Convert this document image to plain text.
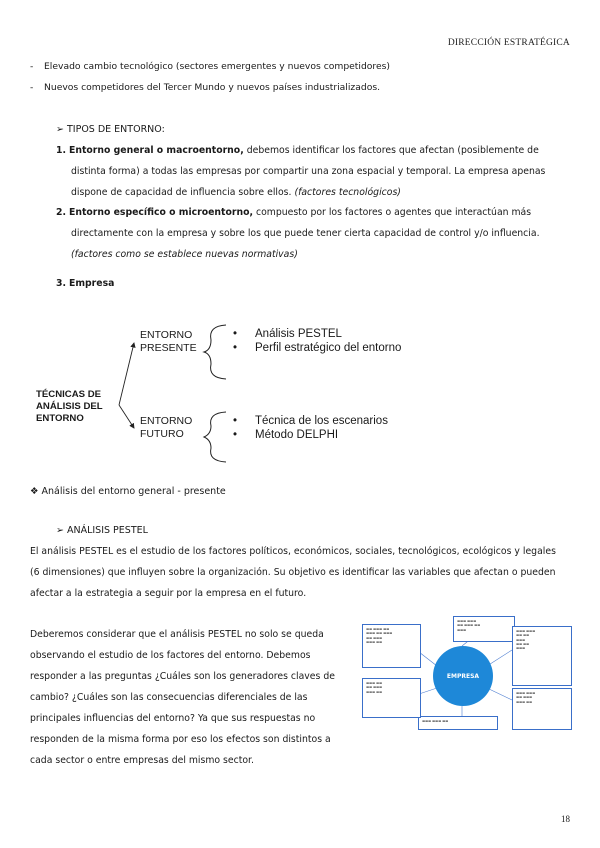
DIRECCIÓN ESTRATÉGICA
- Elevado cambio tecnológico (sectores emergentes y nuevos competidores)
- Nuevos competidores del Tercer Mundo y nuevos países industrializados.
➢ TIPOS DE ENTORNO:
1. Entorno general o macroentorno, debemos identificar los factores que afectan (posiblemente de
distinta forma) a todas las empresas por compartir una zona espacial y temporal. La empresa apenas
dispone de capacidad de influencia sobre ellos. (factores tecnológicos)
2. Entorno específico o microentorno, compuesto por los factores o agentes que interactúan más
directamente con la empresa y sobre los que puede tener cierta capacidad de control y/o influencia.
(factores como se establece nuevas normativas)
3. Empresa
TÉCNICAS DE
ANÁLISIS DEL
ENTORNO
ENTORNO
PRESENTE
• Análisis PESTEL
• Perfil estratégico del entorno
ENTORNO
FUTURO
• Técnica de los escenarios
• Método DELPHI
❖ Análisis del entorno general - presente
➢ ANÁLISIS PESTEL
El análisis PESTEL es el estudio de los factores políticos, económicos, sociales, tecnológicos, ecológicos y legales
(6 dimensiones) que influyen sobre la organización. Su objetivo es identificar las variables que afectan o pueden
afectar a la estrategia a seguir por la empresa en el futuro.
Deberemos considerar que el análisis PESTEL no solo se queda
observando el estudio de los factores del entorno. Debemos
responder a las preguntas ¿Cuáles son los generadores claves de
cambio? ¿Cuáles son las consecuencias diferenciales de las
principales influencias del entorno? Ya que sus respuestas no
responden de la misma forma por eso los efectos son distintos a
cada sector o entre empresas del mismo sector.
▬▬ ▬▬▬ ▬▬
▬▬▬ ▬▬ ▬▬▬
▬▬ ▬▬▬
▬▬▬ ▬▬
▬▬▬ ▬▬▬
▬▬ ▬▬▬ ▬▬
▬▬▬	▬▬▬ ▬▬▬
▬▬ ▬▬
▬▬▬
▬▬ ▬▬
▬▬▬
▬▬▬ ▬▬▬
▬▬ ▬▬▬
▬▬▬ ▬▬
▬▬▬ ▬▬▬ ▬▬
▬▬▬ ▬▬
▬▬ ▬▬▬
▬▬▬ ▬▬
EMPRESA
18
